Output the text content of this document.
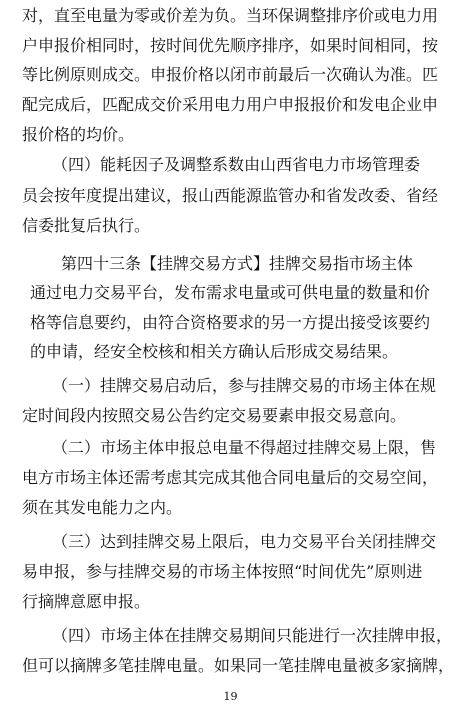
对，直至电量为零或价差为负。当环保调整排序价或电力用
户申报价相同时，按时间优先顺序排序，如果时间相同，按
等比例原则成交。申报价格以闭市前最后一次确认为准。匹
配完成后，匹配成交价采用电力用户申报报价和发电企业申
报价格的均价。
（四）能耗因子及调整系数由山西省电力市场管理委
员会按年度提出建议，报山西能源监管办和省发改委、省经
信委批复后执行。
第四十三条【挂牌交易方式】挂牌交易指市场主体
通过电力交易平台，发布需求电量或可供电量的数量和价
格等信息要约，由符合资格要求的另一方提出接受该要约
的申请，经安全校核和相关方确认后形成交易结果。
（一）挂牌交易启动后，参与挂牌交易的市场主体在规
定时间段内按照交易公告约定交易要素申报交易意向。
（二）市场主体申报总电量不得超过挂牌交易上限，售
电方市场主体还需考虑其完成其他合同电量后的交易空间，
须在其发电能力之内。
（三）达到挂牌交易上限后，电力交易平台关闭挂牌交
易申报，参与挂牌交易的市场主体按照“时间优先”原则进
行摘牌意愿申报。
（四）市场主体在挂牌交易期间只能进行一次挂牌申报，
但可以摘牌多笔挂牌电量。如果同一笔挂牌电量被多家摘牌，
19
